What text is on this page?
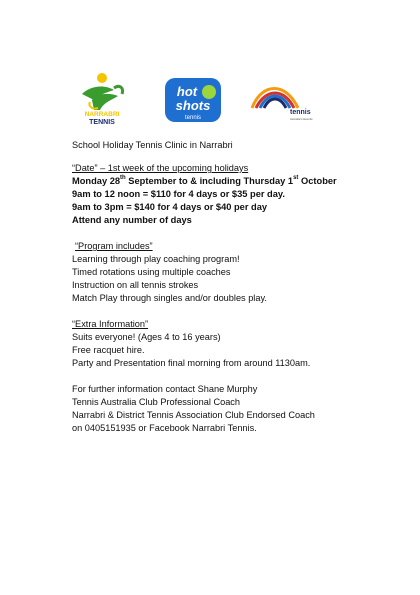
NARRABRI
TENNIS
hot
shots
tennis
tennis
Australia's favourite
School Holiday Tennis Clinic in Narrabri
“Date” – 1st week of the upcoming holidays
Monday 28th September to & including Thursday 1st October
9am to 12 noon = $110 for 4 days or $35 per day.
9am to 3pm = $140 for 4 days or $40 per day
Attend any number of days
“Program includes”
Learning through play coaching program!
Timed rotations using multiple coaches
Instruction on all tennis strokes
Match Play through singles and/or doubles play.
“Extra Information”
Suits everyone! (Ages 4 to 16 years)
Free racquet hire.
Party and Presentation final morning from around 1130am.
For further information contact Shane Murphy
Tennis Australia Club Professional Coach
Narrabri & District Tennis Association Club Endorsed Coach
on 0405151935 or Facebook Narrabri Tennis.
